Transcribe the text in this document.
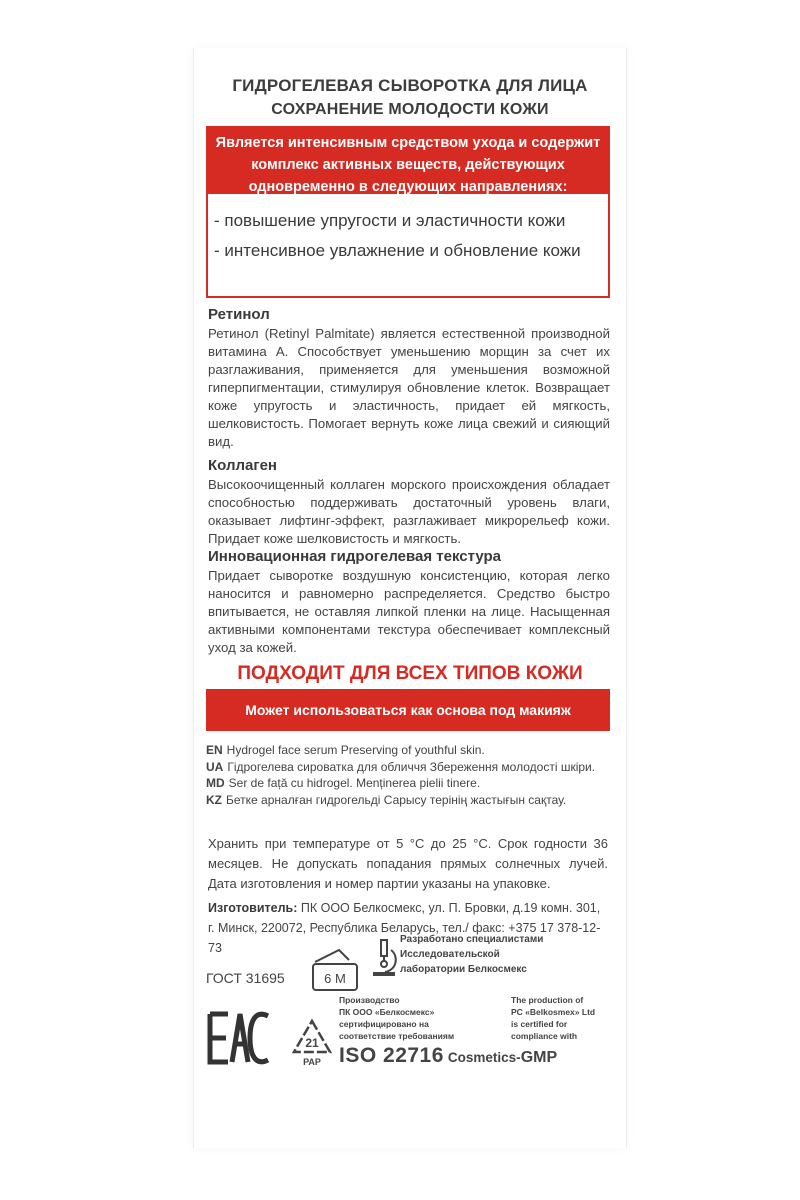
ГИДРОГЕЛЕВАЯ СЫВОРОТКА ДЛЯ ЛИЦА
СОХРАНЕНИЕ МОЛОДОСТИ КОЖИ
Является интенсивным средством ухода и содержит комплекс активных веществ, действующих одновременно в следующих направлениях:
- повышение упругости и эластичности кожи
- интенсивное увлажнение и обновление кожи
Ретинол

Ретинол (Retinyl Palmitate) является естественной производной витамина А. Способствует уменьшению морщин за счет их разглаживания, применяется для уменьшения возможной гиперпигментации, стимулируя обновление клеток. Возвращает коже упругость и эластичность, придает ей мягкость, шелковистость. Помогает вернуть коже лица свежий и сияющий вид.

Коллаген

Высокоочищенный коллаген морского происхождения обладает способностью поддерживать достаточный уровень влаги, оказывает лифтинг-эффект, разглаживает микрорельеф кожи. Придает коже шелковистость и мягкость.

Инновационная гидрогелевая текстура

Придает сыворотке воздушную консистенцию, которая легко наносится и равномерно распределяется. Средство быстро впитывается, не оставляя липкой пленки на лице. Насыщенная активными компонентами текстура обеспечивает комплексный уход за кожей.

ПОДХОДИТ ДЛЯ ВСЕХ ТИПОВ КОЖИ
Может использоваться как основа под макияж

EN Hydrogel face serum Preserving of youthful skin.

UA Гідрогелева сироватка для обличчя Збереження молодості шкіри.

MD Ser de față cu hidrogel. Menținerea pielii tinere.

KZ Бетке арналған гидрогельді Сарысу терінің жастығын сақтау.

Хранить при температуре от 5 °С до 25 °С. Срок годности 36 месяцев. Не допускать попадания прямых солнечных лучей. Дата изготовления и номер партии указаны на упаковке.
Изготовитель: ПК ООО Белкосмекс, ул. П. Бровки, д.19 комн. 301, г. Минск, 220072, Республика Беларусь, тел./ факс: +375 17 378-12-73
6 M
ГОСТ 31695
Разработано специалистами Исследовательской лаборатории Белкосмекс
EAC	21
PAP
Производство
ПК ООО «Белкосмекс»
сертифицировано на
соответствие требованиям
The production of
PC «Belkosmex» Ltd
is certified for
compliance with
ISO 22716 Cosmetics-GMP
